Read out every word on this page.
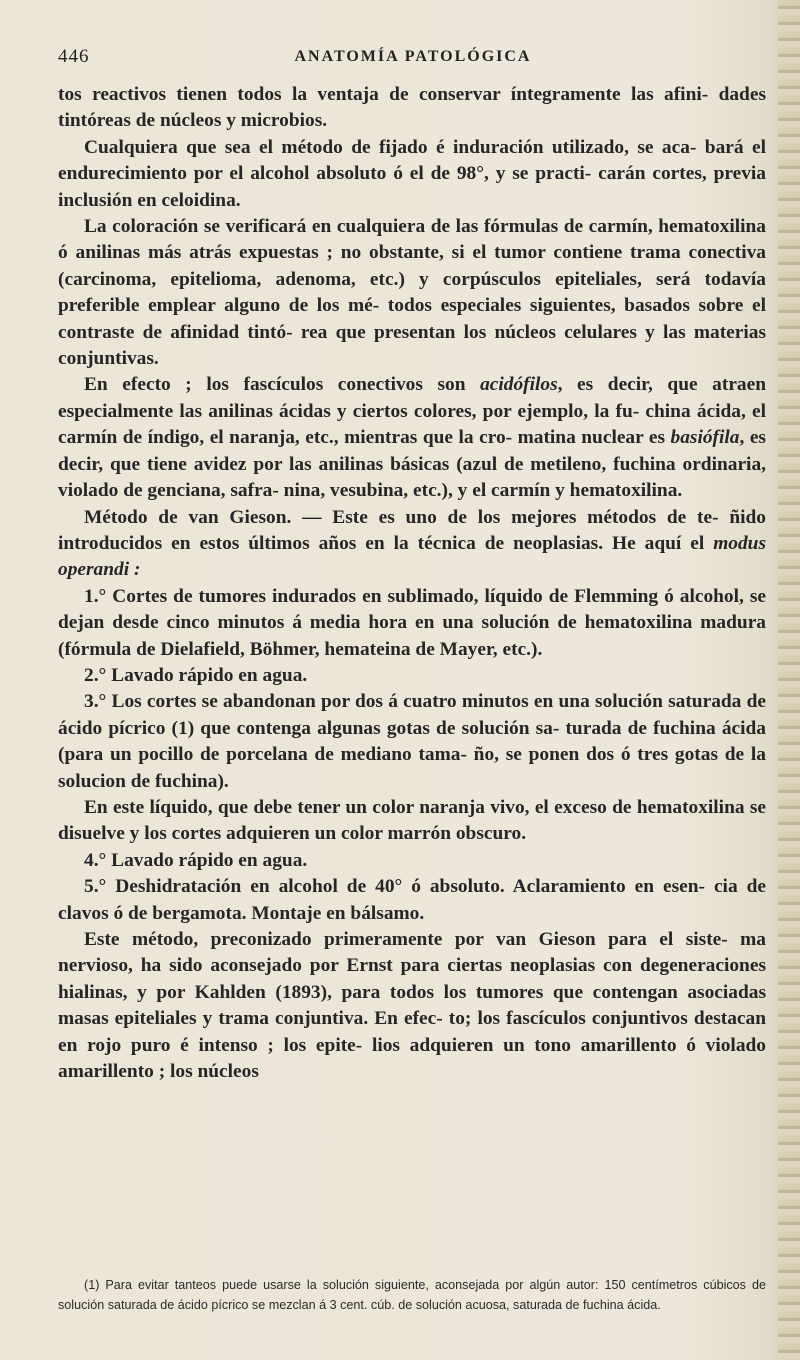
446	ANATOMÍA PATOLÓGICA

tos reactivos tienen todos la ventaja de conservar íntegramente las afini- dades tintóreas de núcleos y microbios.

Cualquiera que sea el método de fijado é induración utilizado, se aca- bará el endurecimiento por el alcohol absoluto ó el de 98°, y se practi- carán cortes, previa inclusión en celoidina.

La coloración se verificará en cualquiera de las fórmulas de carmín, hematoxilina ó anilinas más atrás expuestas ; no obstante, si el tumor contiene trama conectiva (carcinoma, epitelioma, adenoma, etc.) y corpúsculos epiteliales, será todavía preferible emplear alguno de los mé- todos especiales siguientes, basados sobre el contraste de afinidad tintó- rea que presentan los núcleos celulares y las materias conjuntivas.

En efecto ; los fascículos conectivos son acidófilos, es decir, que atraen especialmente las anilinas ácidas y ciertos colores, por ejemplo, la fu- china ácida, el carmín de índigo, el naranja, etc., mientras que la cro- matina nuclear es basiófila, es decir, que tiene avidez por las anilinas básicas (azul de metileno, fuchina ordinaria, violado de genciana, safra- nina, vesubina, etc.), y el carmín y hematoxilina.

Método de van Gieson. — Este es uno de los mejores métodos de te- ñido introducidos en estos últimos años en la técnica de neoplasias. He aquí el modus operandi :

1.° Cortes de tumores indurados en sublimado, líquido de Flemming ó alcohol, se dejan desde cinco minutos á media hora en una solución de hematoxilina madura (fórmula de Dielafield, Böhmer, hemateina de Mayer, etc.).

2.° Lavado rápido en agua.

3.° Los cortes se abandonan por dos á cuatro minutos en una solución saturada de ácido pícrico (1) que contenga algunas gotas de solución sa- turada de fuchina ácida (para un pocillo de porcelana de mediano tama- ño, se ponen dos ó tres gotas de la solucion de fuchina).

En este líquido, que debe tener un color naranja vivo, el exceso de hematoxilina se disuelve y los cortes adquieren un color marrón obscuro.

4.° Lavado rápido en agua.

5.° Deshidratación en alcohol de 40° ó absoluto. Aclaramiento en esen- cia de clavos ó de bergamota. Montaje en bálsamo.

Este método, preconizado primeramente por van Gieson para el siste- ma nervioso, ha sido aconsejado por Ernst para ciertas neoplasias con degeneraciones hialinas, y por Kahlden (1893), para todos los tumores que contengan asociadas masas epiteliales y trama conjuntiva. En efec- to; los fascículos conjuntivos destacan en rojo puro é intenso ; los epite- lios adquieren un tono amarillento ó violado amarillento ; los núcleos

(1) Para evitar tanteos puede usarse la solución siguiente, aconsejada por algún autor: 150 centímetros cúbicos de solución saturada de ácido pícrico se mezclan á 3 cent. cúb. de solución acuosa, saturada de fuchina ácida.
